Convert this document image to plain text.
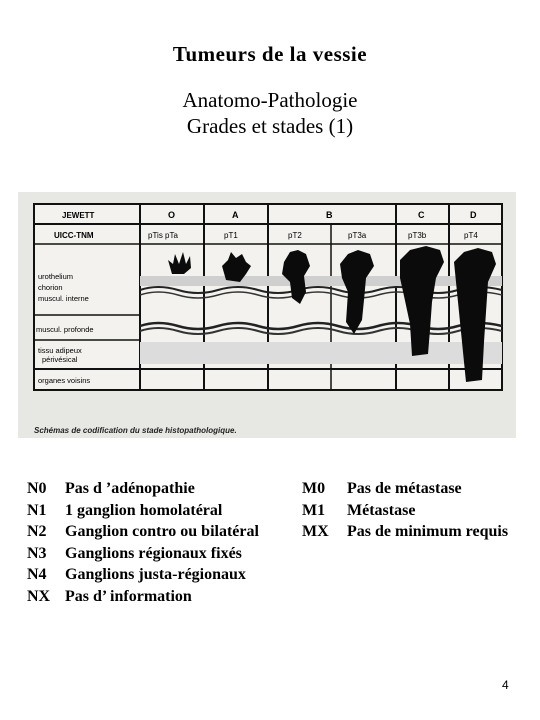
Tumeurs de la vessie
Anatomo-Pathologie
Grades et stades (1)
JEWETT	O	A	B	C	D
UICC-TNM	pTis pTa	pT1	pT2	pT3a	pT3b	pT4
urothelium
chorion
muscul. interne
muscul. profonde
tissu adipeux
périvésical
organes voisins
Schémas de codification du stade histopathologique.
N0	Pas d ’adénopathie
N1	1 ganglion homolatéral
N2	Ganglion contro ou bilatéral
N3	Ganglions régionaux fixés
N4	Ganglions justa-régionaux
NX Pas d’ information
M0	Pas de métastase
M1	Métastase
MX	Pas de minimum requis
4
